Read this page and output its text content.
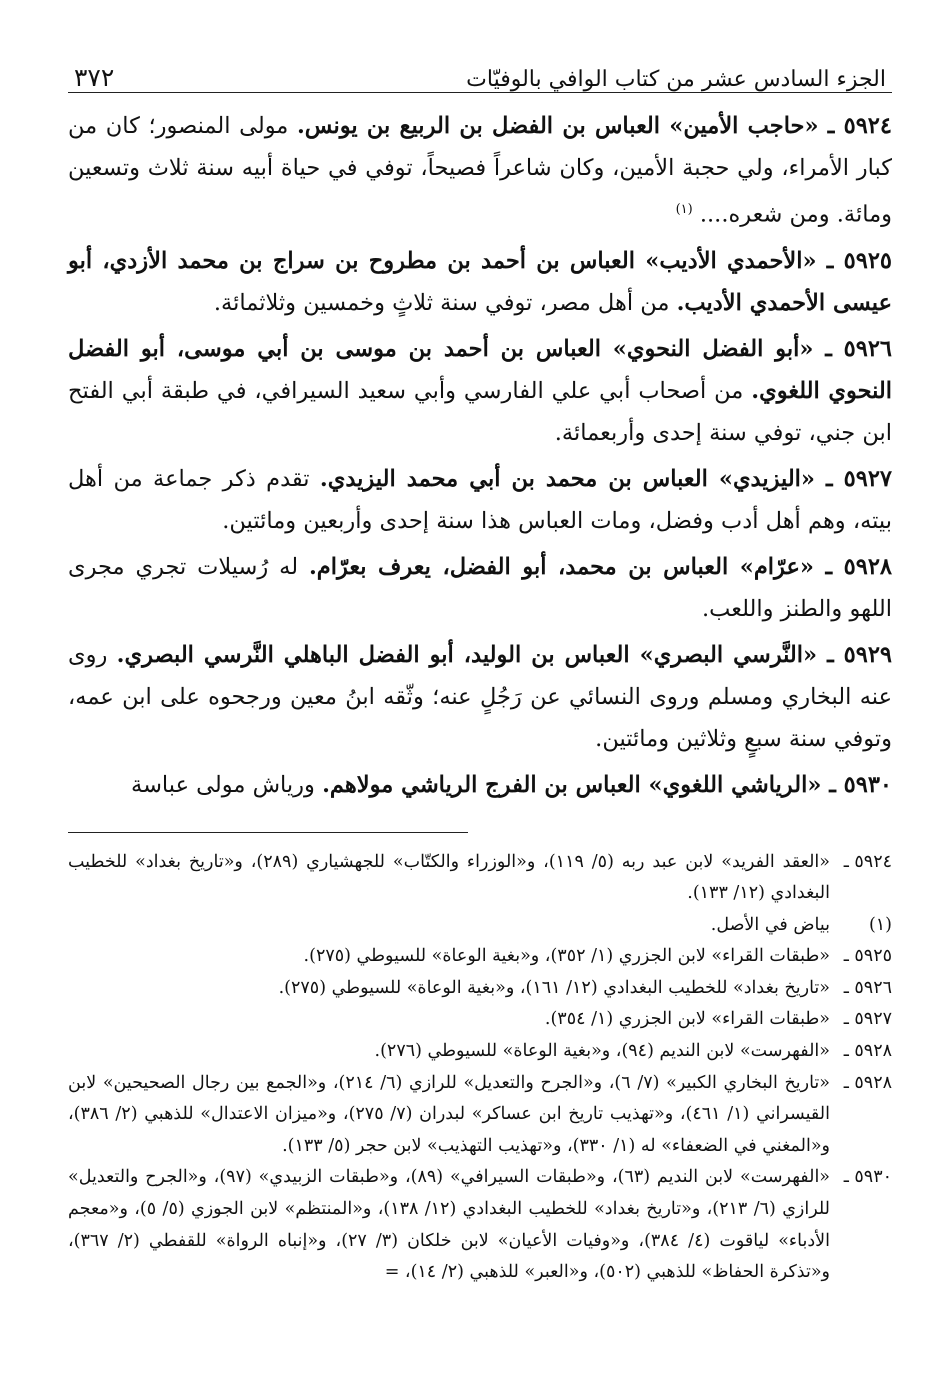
الجزء السادس عشر من كتاب الوافي بالوفيّات
٣٧٢

٥٩٢٤ ـ «حاجب الأمين» العباس بن الفضل بن الربيع بن يونس. مولى المنصور؛ كان من كبار الأمراء، ولي حجبة الأمين، وكان شاعراً فصيحاً، توفي في حياة أبيه سنة ثلاث وتسعين ومائة. ومن شعره.... $^{(١)}$

٥٩٢٥ ـ «الأحمدي الأديب» العباس بن أحمد بن مطروح بن سراج بن محمد الأزدي، أبو عيسى الأحمدي الأديب. من أهل مصر، توفي سنة ثلاثٍ وخمسين وثلاثمائة.

٥٩٢٦ ـ «أبو الفضل النحوي» العباس بن أحمد بن موسى بن أبي موسى، أبو الفضل النحوي اللغوي. من أصحاب أبي علي الفارسي وأبي سعيد السيرافي، في طبقة أبي الفتح ابن جني، توفي سنة إحدى وأربعمائة.

٥٩٢٧ ـ «اليزيدي» العباس بن محمد بن أبي محمد اليزيدي. تقدم ذكر جماعة من أهل بيته، وهم أهل أدب وفضل، ومات العباس هذا سنة إحدى وأربعين ومائتين.

٥٩٢٨ ـ «عرّام» العباس بن محمد، أبو الفضل، يعرف بعرّام. له رُسيلات تجري مجرى اللهو والطنز واللعب.

٥٩٢٩ ـ «النَّرسي البصري» العباس بن الوليد، أبو الفضل الباهلي النَّرسي البصري. روى عنه البخاري ومسلم وروى النسائي عن رَجُلٍ عنه؛ وثّقه ابنُ معين ورجحوه على ابن عمه، وتوفي سنة سبعٍ وثلاثين ومائتين.

٥٩٣٠ ـ «الرياشي اللغوي» العباس بن الفرج الرياشي مولاهم. ورياش مولى عباسة

٥٩٢٤ ـ
«العقد الفريد» لابن عبد ربه (٥/ ١١٩)، و«الوزراء والكتّاب» للجهشياري (٢٨٩)، و«تاريخ بغداد» للخطيب البغدادي (١٢/ ١٣٣).
(١)
بياض في الأصل.
٥٩٢٥ ـ
«طبقات القراء» لابن الجزري (١/ ٣٥٢)، و«بغية الوعاة» للسيوطي (٢٧٥).
٥٩٢٦ ـ
«تاريخ بغداد» للخطيب البغدادي (١٢/ ١٦١)، و«بغية الوعاة» للسيوطي (٢٧٥).
٥٩٢٧ ـ
«طبقات القراء» لابن الجزري (١/ ٣٥٤).
٥٩٢٨ ـ
«الفهرست» لابن النديم (٩٤)، و«بغية الوعاة» للسيوطي (٢٧٦).
٥٩٢٨ ـ
«تاريخ البخاري الكبير» (٧/ ٦)، و«الجرح والتعديل» للرازي (٦/ ٢١٤)، و«الجمع بين رجال الصحيحين» لابن القيسراني (١/ ٤٦١)، و«تهذيب تاريخ ابن عساكر» لبدران (٧/ ٢٧٥)، و«ميزان الاعتدال» للذهبي (٢/ ٣٨٦)، و«المغني في الضعفاء» له (١/ ٣٣٠)، و«تهذيب التهذيب» لابن حجر (٥/ ١٣٣).
٥٩٣٠ ـ
«الفهرست» لابن النديم (٦٣)، و«طبقات السيرافي» (٨٩)، و«طبقات الزبيدي» (٩٧)، و«الجرح والتعديل» للرازي (٦/ ٢١٣)، و«تاريخ بغداد» للخطيب البغدادي (١٢/ ١٣٨)، و«المنتظم» لابن الجوزي (٥/ ٥)، و«معجم الأدباء» لياقوت (٤/ ٣٨٤)، و«وفيات الأعيان» لابن خلكان (٣/ ٢٧)، و«إنباه الرواة» للقفطي (٢/ ٣٦٧)، و«تذكرة الحفاظ» للذهبي (٥٠٢)، و«العبر» للذهبي (٢/ ١٤)، =
